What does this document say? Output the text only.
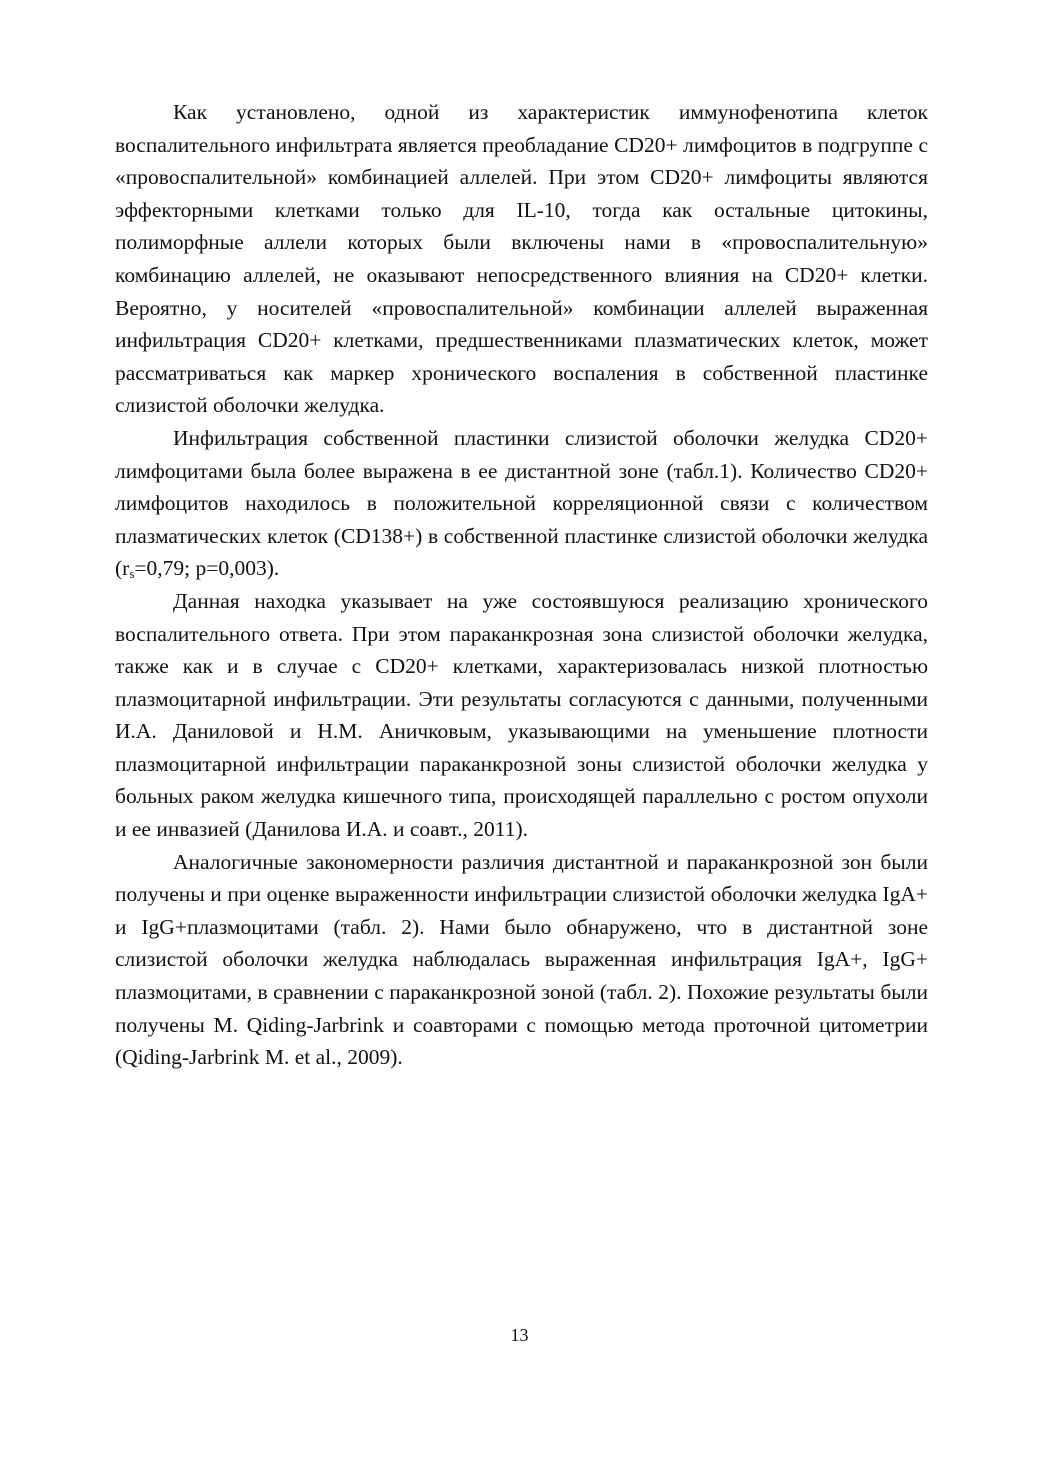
Как установлено, одной из характеристик иммунофенотипа клеток воспалительного инфильтрата является преобладание CD20+ лимфоцитов в подгруппе с «провоспалительной» комбинацией аллелей. При этом CD20+ лимфоциты являются эффекторными клетками только для IL-10, тогда как остальные цитокины, полиморфные аллели которых были включены нами в «провоспалительную» комбинацию аллелей, не оказывают непосредственного влияния на CD20+ клетки. Вероятно, у носителей «провоспалительной» комбинации аллелей выраженная инфильтрация CD20+ клетками, предшественниками плазматических клеток, может рассматриваться как маркер хронического воспаления в собственной пластинке слизистой оболочки желудка.

Инфильтрация собственной пластинки слизистой оболочки желудка CD20+ лимфоцитами была более выражена в ее дистантной зоне (табл.1). Количество CD20+ лимфоцитов находилось в положительной корреляционной связи с количеством плазматических клеток (CD138+) в собственной пластинке слизистой оболочки желудка ($r_s=0,79$; p=0,003).

Данная находка указывает на уже состоявшуюся реализацию хронического воспалительного ответа. При этом параканкрозная зона слизистой оболочки желудка, также как и в случае с CD20+ клетками, характеризовалась низкой плотностью плазмоцитарной инфильтрации. Эти результаты согласуются с данными, полученными И.А. Даниловой и Н.М. Аничковым, указывающими на уменьшение плотности плазмоцитарной инфильтрации параканкрозной зоны слизистой оболочки желудка у больных раком желудка кишечного типа, происходящей параллельно с ростом опухоли и ее инвазией (Данилова И.А. и соавт., 2011).

Аналогичные закономерности различия дистантной и параканкрозной зон были получены и при оценке выраженности инфильтрации слизистой оболочки желудка IgA+ и IgG+плазмоцитами (табл. 2). Нами было обнаружено, что в дистантной зоне слизистой оболочки желудка наблюдалась выраженная инфильтрация IgA+, IgG+ плазмоцитами, в сравнении с параканкрозной зоной (табл. 2). Похожие результаты были получены M. Qiding-Jarbrink и соавторами с помощью метода проточной цитометрии (Qiding-Jarbrink M. et al., 2009).

13
